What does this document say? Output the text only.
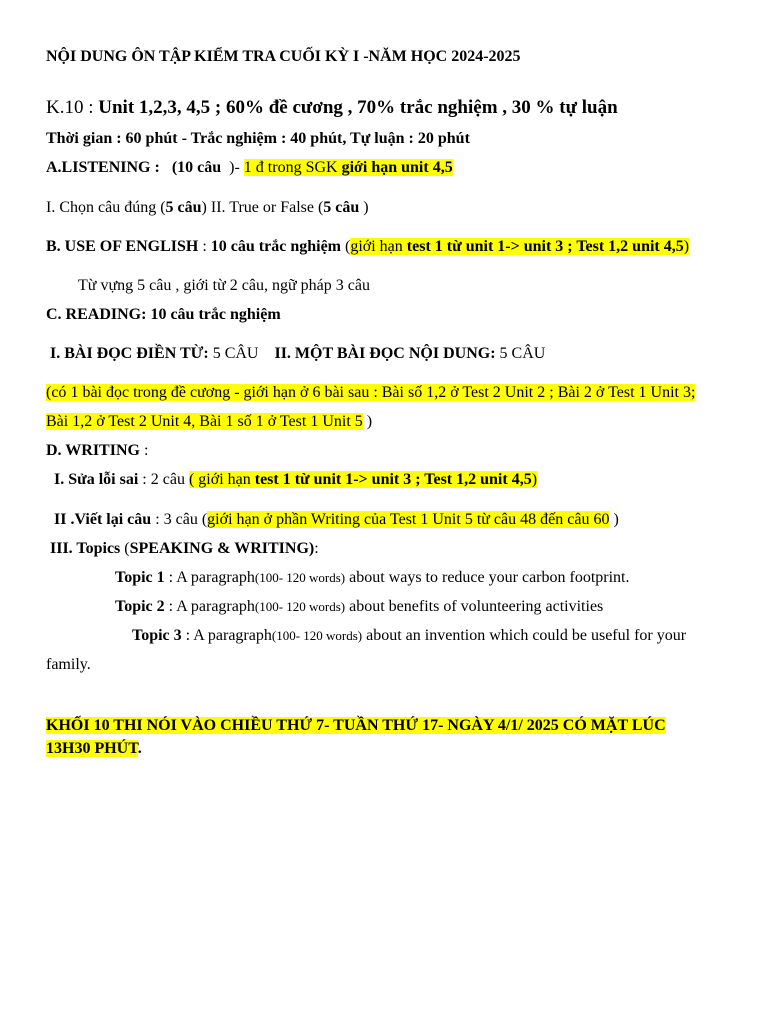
NỘI DUNG ÔN TẬP KIỂM TRA CUỐI KỲ I -NĂM HỌC 2024-2025
K.10 : Unit 1,2,3, 4,5 ; 60% đề cương , 70% trắc nghiệm , 30 % tự luận
Thời gian : 60 phút - Trắc nghiệm : 40 phút, Tự luận : 20 phút
A.LISTENING : (10 câu )- 1 đ trong SGK giới hạn unit 4,5
I. Chọn câu đúng (5 câu) II. True or False (5 câu )
B. USE OF ENGLISH : 10 câu trắc nghiệm (giới hạn test 1 từ unit 1-> unit 3 ; Test 1,2 unit 4,5)
Từ vựng 5 câu , giới từ 2 câu, ngữ pháp 3 câu
C. READING: 10 câu trắc nghiệm
I. BÀI ĐỌC ĐIỀN TỪ: 5 CÂU II. MỘT BÀI ĐỌC NỘI DUNG: 5 CÂU
(có 1 bài đọc trong đề cương - giới hạn ở 6 bài sau : Bài số 1,2 ở Test 2 Unit 2 ; Bài 2 ở Test 1 Unit 3;
Bài 1,2 ở Test 2 Unit 4, Bài 1 số 1 ở Test 1 Unit 5 )
D. WRITING :
I. Sửa lỗi sai : 2 câu ( giới hạn test 1 từ unit 1-> unit 3 ; Test 1,2 unit 4,5)
II .Viết lại câu : 3 câu (giới hạn ở phần Writing của Test 1 Unit 5 từ câu 48 đến câu 60 )
III. Topics (SPEAKING & WRITING):
Topic 1 : A paragraph(100- 120 words) about ways to reduce your carbon footprint.
Topic 2 : A paragraph(100- 120 words) about benefits of volunteering activities
Topic 3 : A paragraph(100- 120 words) about an invention which could be useful for your
family.
KHỐI 10 THI NÓI VÀO CHIỀU THỨ 7- TUẦN THỨ 17- NGÀY 4/1/ 2025 CÓ MẶT LÚC
13H30 PHÚT.
